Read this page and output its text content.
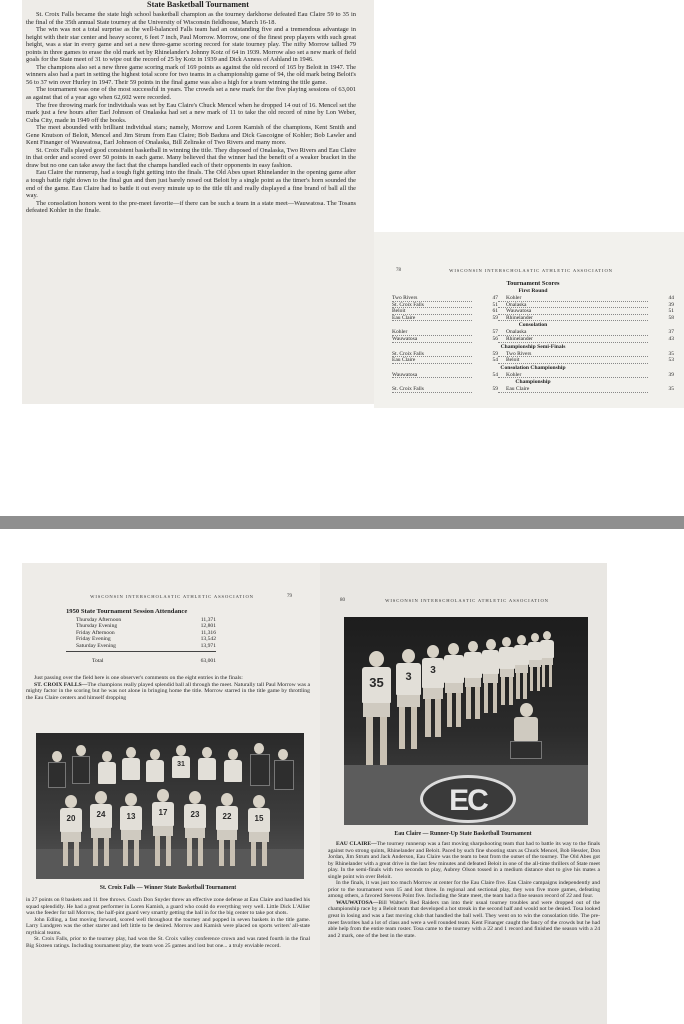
State Basketball Tournament

St. Croix Falls became the state high school basketball champion as the tourney darkhorse defeated Eau Claire 59 to 35 in the final of the 35th annual State tourney at the University of Wisconsin fieldhouse, March 16-18.

The win was not a total surprise as the well-balanced Falls team had an outstanding five and a tremendous advantage in height with their star center and heavy scorer, 6 feet 7 inch, Paul Morrow. Morrow, one of the finest prep players with such great height, was a star in every game and set a new three-game scoring record for state tourney play. The nifty Morrow tallied 79 points in three games to erase the old mark set by Rhinelander's Johnny Kotz of 64 in 1939. Morrow also set a new mark of field goals for the State meet of 31 to wipe out the record of 25 by Kotz in 1939 and Dick Axness of Ashland in 1946.

The champions also set a new three game scoring mark of 169 points as against the old record of 165 by Beloit in 1947. The winners also had a part in setting the highest total score for two teams in a championship game of 94, the old mark being Beloit's 56 to 37 win over Hurley in 1947. Their 59 points in the final game was also a high for a team winning the title game.

The tournament was one of the most successful in years. The crowds set a new mark for the five playing sessions of 63,001 as against that of a year ago when 62,602 were recorded.

The free throwing mark for individuals was set by Eau Claire's Chuck Mencel when he dropped 14 out of 16. Mencel set the mark just a few hours after Earl Johnson of Onalaska had set a new mark of 11 to take the old record of nine by Lon Weber, Cuba City, made in 1949 off the books.

The meet abounded with brilliant individual stars; namely, Morrow and Loren Kamish of the champions, Kent Smith and Gene Knutson of Beloit, Mencel and Jim Strum from Eau Claire; Bob Badura and Dick Gascoigne of Kohler; Bob Lawler and Kent Finanger of Wauwatosa, Earl Johnson of Onalaska, Bill Zelinske of Two Rivers and many more.

St. Croix Falls played good consistent basketball in winning the title. They disposed of Onalaska, Two Rivers and Eau Claire in that order and scored over 50 points in each game. Many believed that the winner had the benefit of a weaker bracket in the draw but no one can take away the fact that the champs handled each of their opponents in easy fashion.

Eau Claire the runnerup, had a tough fight getting into the finals. The Old Abes upset Rhinelander in the opening game after a tough battle right down to the final gun and then just barely nosed out Beloit by a single point as the timer's horn sounded the end of the game. Eau Claire had to battle it out every minute up to the title tilt and really displayed a fine brand of ball all the way.

The consolation honors went to the pre-meet favorite—if there can be such a team in a state meet—Wauwatosa. The Tosans defeated Kohler in the finale.

78	WISCONSIN INTERSCHOLASTIC ATHLETIC ASSOCIATION
Tournament Scores
First Round
Two Rivers	47	Kohler	44
St. Croix Falls	51	Onalaska	39
Beloit	61	Wauwatosa	51
Eau Claire	59	Rhinelander	58
Consolation
Kohler	57	Onalaska	37
Wauwatosa	56	Rhinelander	43
Championship Semi-Finals
St. Croix Falls	59	Two Rivers	35
Eau Claire	54	Beloit	53
Consolation Championship
Wauwatosa	54	Kohler	39
Championship
St. Croix Falls	59	Eau Claire	35
WISCONSIN INTERSCHOLASTIC ATHLETIC ASSOCIATION	79
1950 State Tournament Session Attendance
Thursday Afternoon	11,371
Thursday Evening	12,801
Friday Afternoon	11,316
Friday Evening	13,542
Saturday Evening	13,971
Total	63,001

Just passing over the field here is one observer's comments on the eight entries in the finals:

ST. CROIX FALLS—The champions really played splendid ball all through the meet. Naturally tall Paul Morrow was a mighty factor in the scoring but he was not alone in bringing home the title. Morrow starred in the title game by throttling the Eau Claire centers and himself dropping

31
20	24	13	17	23	22	15
St. Croix Falls — Winner State Basketball Tournament

in 27 points on 8 baskets and 11 free throws. Coach Don Snyder threw an effective zone defense at Eau Claire and handled his squad splendidly. He had a great performer in Loren Kamish, a guard who could do everything very well. Little Dick L'Allier was the feeder for tall Morrow, the half-pint guard very smartly getting the ball in for the big center to take pot shots.

John Edling, a fast moving forward, scored well throughout the tourney and popped in seven baskets in the title game. Larry Lundgren was the other starter and left little to be desired. Morrow and Kamish were placed on sports writers' all-state mythical teams.

St. Croix Falls, prior to the tourney play, had won the St. Croix valley conference crown and was rated fourth in the final Big Sixteen ratings. Including tournament play, the team won 25 games and lost but one... a truly enviable record.

80	WISCONSIN INTERSCHOLASTIC ATHLETIC ASSOCIATION
3
3
35
EC
Eau Claire — Runner-Up State Basketball Tournament

EAU CLAIRE—The tourney runnerup was a fast moving sharpshooting team that had to battle its way to the finals against two strong quints, Rhinelander and Beloit. Paced by such fine shooting stars as Chuck Mencel, Bob Hessler, Don Jordan, Jim Strum and Jack Anderson, Eau Claire was the team to beat from the outset of the tourney. The Old Abes got by Rhinelander with a great drive in the last few minutes and defeated Beloit in one of the all-time thrillers of State meet play. In the semi-finals with two seconds to play, Aubrey Olson tossed in a medium distance shot to give his mates a single point win over Beloit.

In the finals, it was just too much Morrow at center for the Eau Claire five. Eau Claire campaigns independently and prior to the tournament won 15 and lost three. In regional and sectional play, they won five more games, defeating among others, a favored Stevens Point five. Including the State meet, the team had a fine season record of 22 and four.

WAUWATOSA—Bill Walter's Red Raiders ran into their usual tourney troubles and were dropped out of the championship race by a Beloit team that developed a hot streak in the second half and would not be denied. Tosa looked great in losing and was a fast moving club that handled the ball well. They went on to win the consolation title. The pre-meet favorites had a lot of class and were a well rounded team. Kent Finanger caught the fancy of the crowds but he had able help from the entire team roster. Tosa came to the tourney with a 22 and 1 record and finished the season with a 24 and 2 mark, one of the best in the state.
